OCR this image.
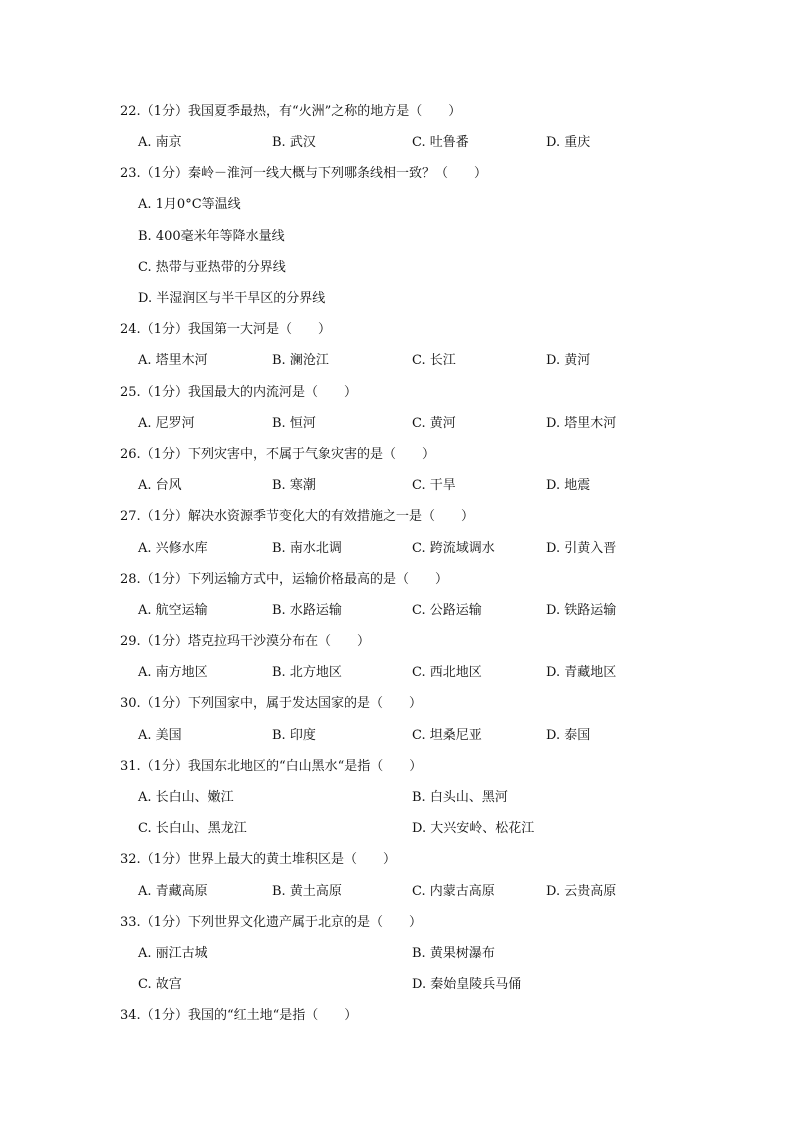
22.（1分）我国夏季最热，有“火洲”之称的地方是（　　）
A. 南京	B. 武汉	C. 吐鲁番	D. 重庆
23.（1分）秦岭－淮河一线大概与下列哪条线相一致？（　　）
A. 1月0°C等温线
B. 400毫米年等降水量线
C. 热带与亚热带的分界线
D. 半湿润区与半干旱区的分界线
24.（1分）我国第一大河是（　　）
A. 塔里木河	B. 澜沧江	C. 长江	D. 黄河
25.（1分）我国最大的内流河是（　　）
A. 尼罗河	B. 恒河	C. 黄河	D. 塔里木河
26.（1分）下列灾害中，不属于气象灾害的是（　　）
A. 台风	B. 寒潮	C. 干旱	D. 地震
27.（1分）解决水资源季节变化大的有效措施之一是（　　）
A. 兴修水库	B. 南水北调	C. 跨流域调水	D. 引黄入晋
28.（1分）下列运输方式中，运输价格最高的是（　　）
A. 航空运输	B. 水路运输	C. 公路运输	D. 铁路运输
29.（1分）塔克拉玛干沙漠分布在（　　）
A. 南方地区	B. 北方地区	C. 西北地区	D. 青藏地区
30.（1分）下列国家中，属于发达国家的是（　　）
A. 美国	B. 印度	C. 坦桑尼亚	D. 泰国
31.（1分）我国东北地区的“白山黑水“是指（　　）
A. 长白山、嫩江	B. 白头山、黑河
C. 长白山、黑龙江	D. 大兴安岭、松花江
32.（1分）世界上最大的黄土堆积区是（　　）
A. 青藏高原	B. 黄土高原	C. 内蒙古高原	D. 云贵高原
33.（1分）下列世界文化遗产属于北京的是（　　）
A. 丽江古城	B. 黄果树瀑布
C. 故宫	D. 秦始皇陵兵马俑
34.（1分）我国的“红土地“是指（　　）
